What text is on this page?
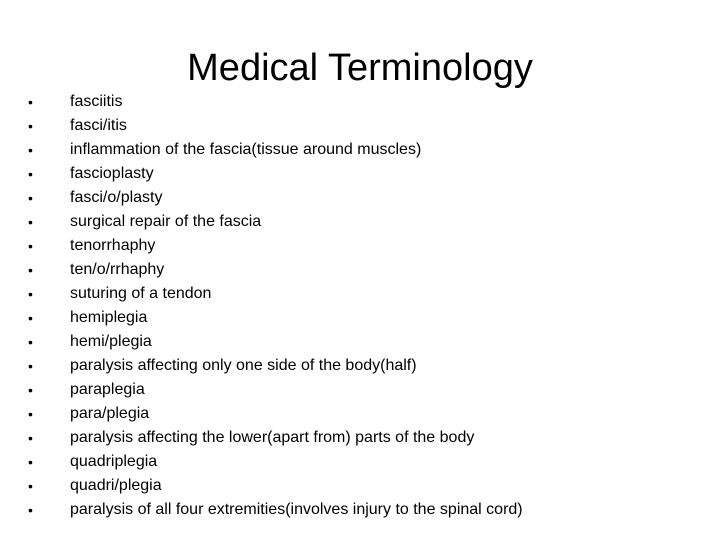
Medical Terminology
•	fasciitis
•	fasci/itis
•	inflammation of the fascia(tissue around muscles)
•	fascioplasty
•	fasci/o/plasty
•	surgical repair of the fascia
•	tenorrhaphy
•	ten/o/rrhaphy
•	suturing of a tendon
•	hemiplegia
•	hemi/plegia
•	paralysis affecting only one side of the body(half)
•	paraplegia
•	para/plegia
•	paralysis affecting the lower(apart from) parts of the body
•	quadriplegia
•	quadri/plegia
•	paralysis of all four extremities(involves injury to the spinal cord)
